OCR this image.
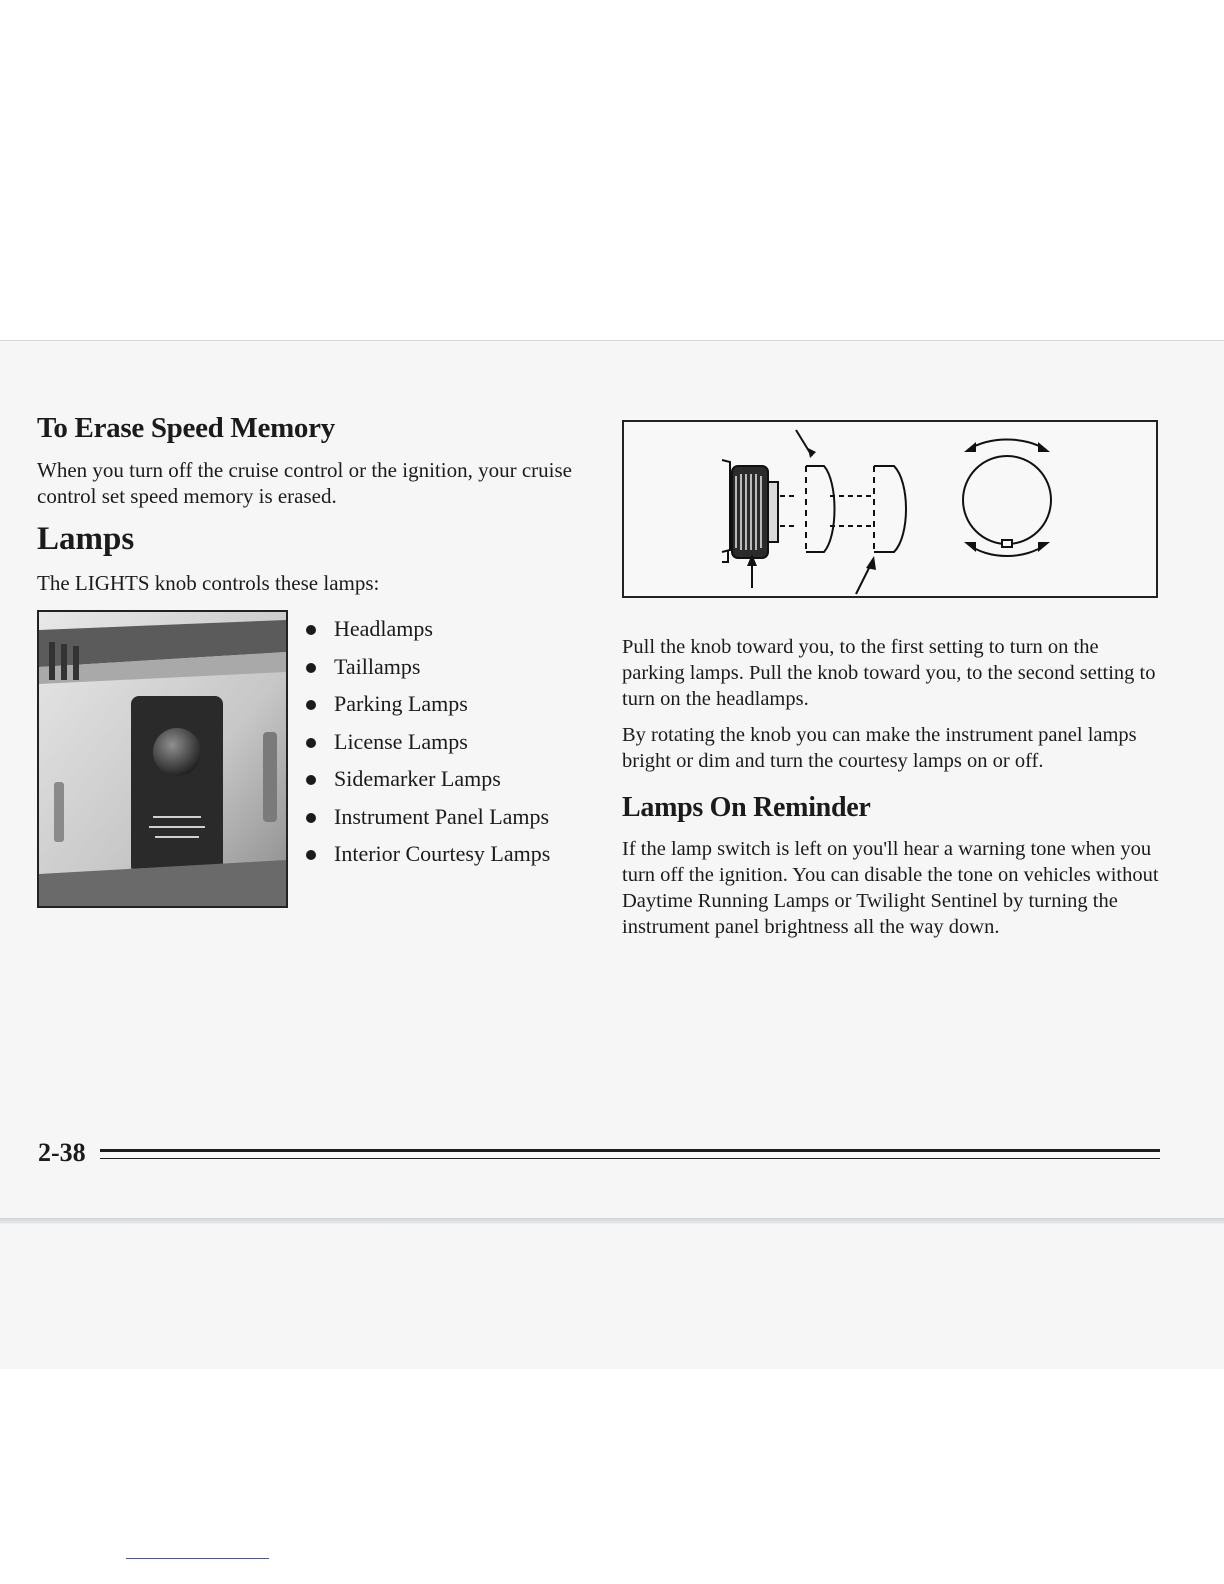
To Erase Speed Memory

When you turn off the cruise control or the ignition, your cruise control set speed memory is erased.

Lamps

The LIGHTS knob controls these lamps:

Headlamps
Taillamps
Parking Lamps
License Lamps
Sidemarker Lamps
Instrument Panel Lamps
Interior Courtesy Lamps

Pull the knob toward you, to the first setting to turn on the parking lamps. Pull the knob toward you, to the second setting to turn on the headlamps.

By rotating the knob you can make the instrument panel lamps bright or dim and turn the courtesy lamps on or off.

Lamps On Reminder

If the lamp switch is left on you'll hear a warning tone when you turn off the ignition. You can disable the tone on vehicles without Daytime Running Lamps or Twilight Sentinel by turning the instrument panel brightness all the way down.

2-38
